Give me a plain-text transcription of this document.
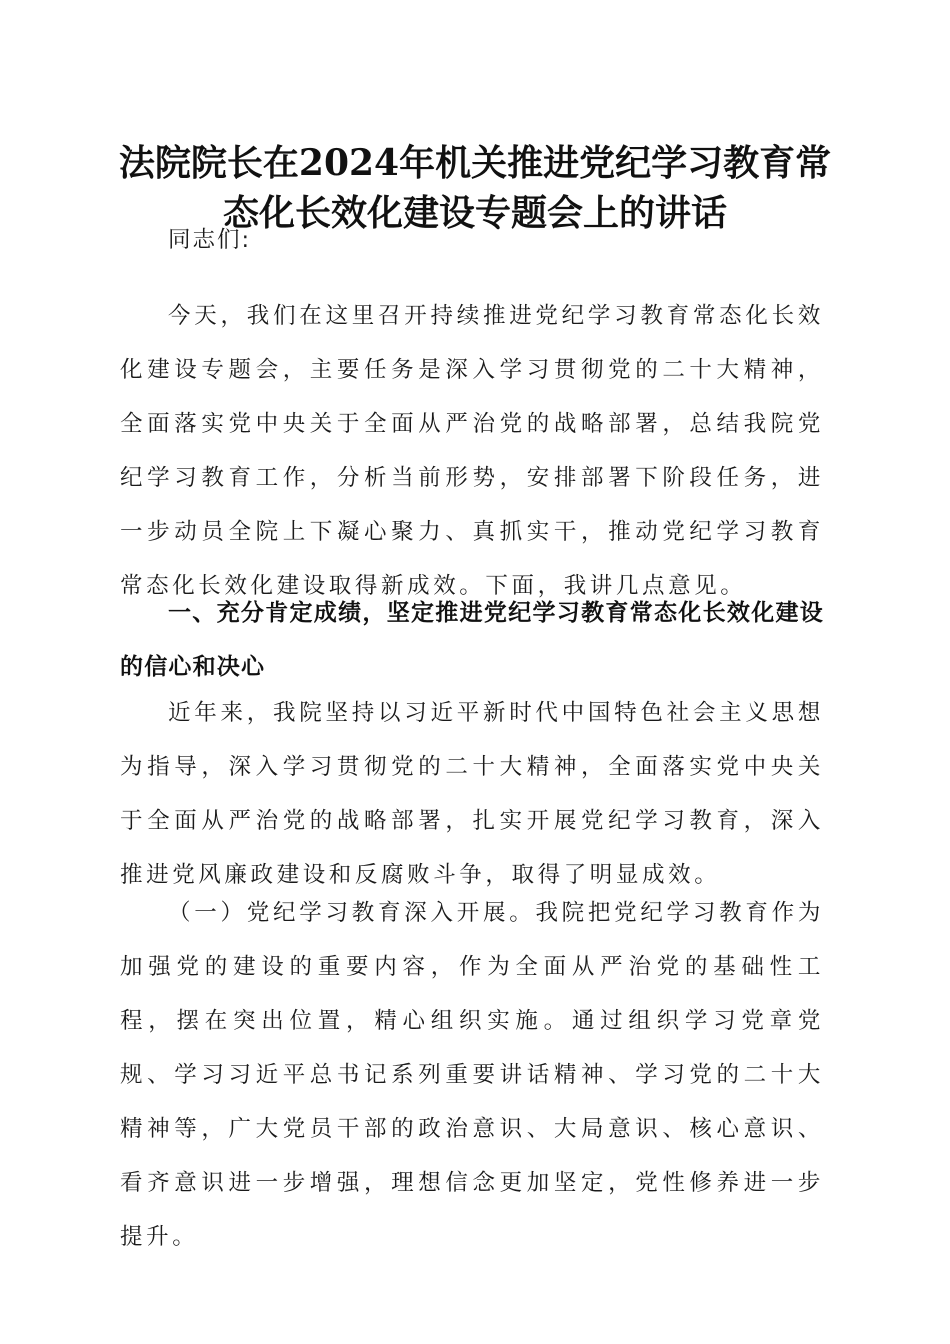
法院院长在2024年机关推进党纪学习教育常
态化长效化建设专题会上的讲话

同志们:

今天，我们在这里召开持续推进党纪学习教育常态化长效化建设专题会，主要任务是深入学习贯彻党的二十大精神，全面落实党中央关于全面从严治党的战略部署，总结我院党纪学习教育工作，分析当前形势，安排部署下阶段任务，进一步动员全院上下凝心聚力、真抓实干，推动党纪学习教育常态化长效化建设取得新成效。下面，我讲几点意见。

一、充分肯定成绩，坚定推进党纪学习教育常态化长效化建设的信心和决心

近年来，我院坚持以习近平新时代中国特色社会主义思想为指导，深入学习贯彻党的二十大精神，全面落实党中央关于全面从严治党的战略部署，扎实开展党纪学习教育，深入推进党风廉政建设和反腐败斗争，取得了明显成效。

（一）党纪学习教育深入开展。我院把党纪学习教育作为加强党的建设的重要内容，作为全面从严治党的基础性工程，摆在突出位置，精心组织实施。通过组织学习党章党规、学习习近平总书记系列重要讲话精神、学习党的二十大精神等，广大党员干部的政治意识、大局意识、核心意识、看齐意识进一步增强，理想信念更加坚定，党性修养进一步提升。
